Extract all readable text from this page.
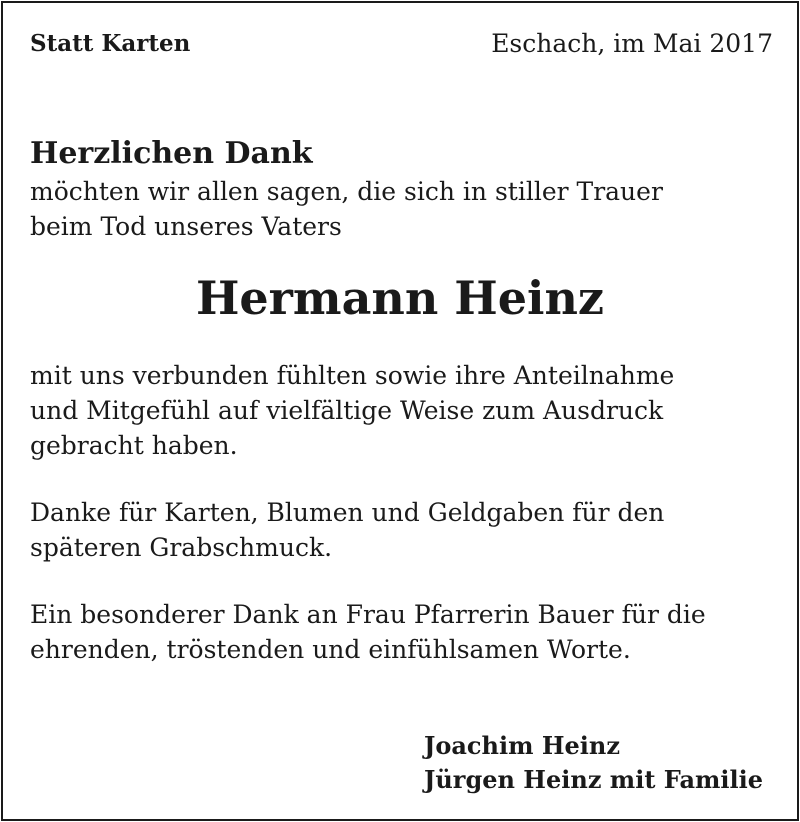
Statt Karten	Eschach, im Mai 2017

Herzlichen Dank

möchten wir allen sagen, die sich in stiller Trauer
beim Tod unseres Vaters

Hermann Heinz

mit uns verbunden fühlten sowie ihre Anteilnahme
und Mitgefühl auf vielfältige Weise zum Ausdruck
gebracht haben.
Danke für Karten, Blumen und Geldgaben für den
späteren Grabschmuck.
Ein besonderer Dank an Frau Pfarrerin Bauer für die
ehrenden, tröstenden und einfühlsamen Worte.

Joachim Heinz

Jürgen Heinz mit Familie
